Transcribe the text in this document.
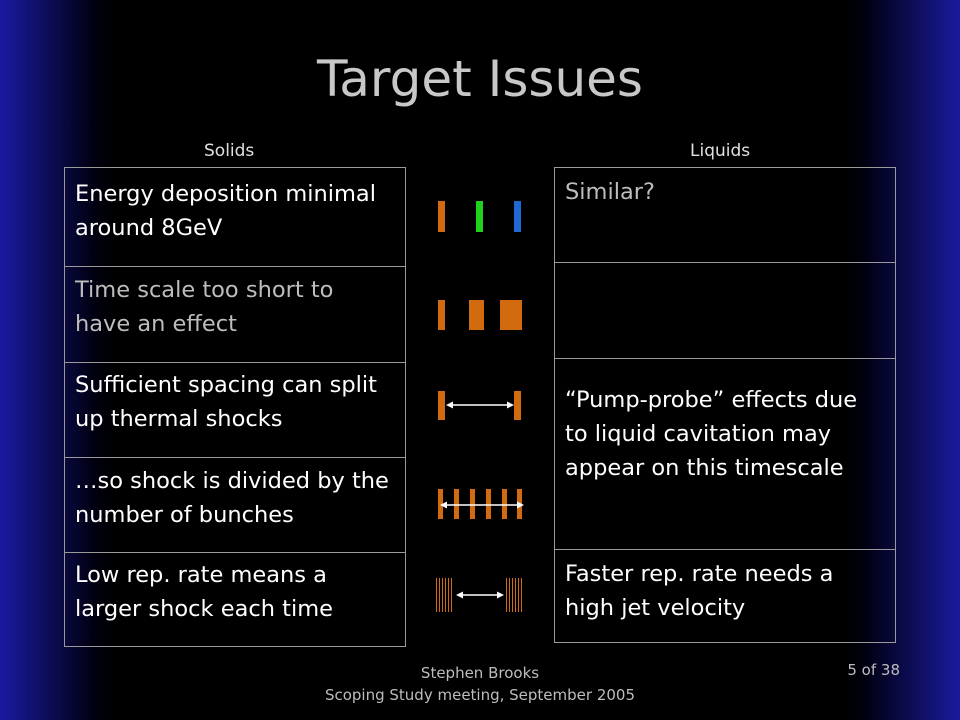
Target Issues
Solids	Liquids
Energy deposition minimal around 8GeV
Time scale too short to have an effect
Sufficient spacing can split up thermal shocks
…so shock is divided by the number of bunches
Low rep. rate means a larger shock each time
Similar?
“Pump-probe” effects due to liquid cavitation may appear on this timescale
Faster rep. rate needs a high jet velocity
Stephen Brooks
Scoping Study meeting, September 2005
5 of 38
